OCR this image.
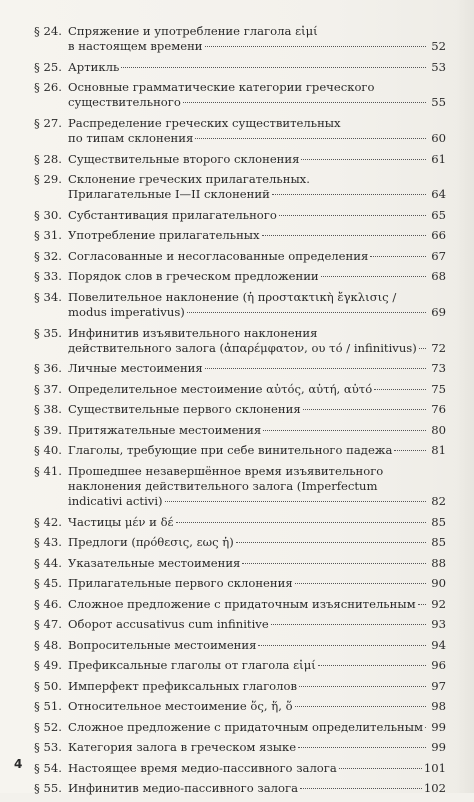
§ 24. Спряжение и употребление глагола εἰμί
в настоящем времени	52
§ 25. Артикль	53
§ 26. Основные грамматические категории греческого
существительного	55
§ 27. Распределение греческих существительных
по типам склонения	60
§ 28. Существительные второго склонения	61
§ 29. Склонение греческих прилагательных.
Прилагательные I—II склонений	64
§ 30. Субстантивация прилагательного	65
§ 31. Употребление прилагательных	66
§ 32. Согласованные и несогласованные определения	67
§ 33. Порядок слов в греческом предложении	68
§ 34. Повелительное наклонение (ἡ προστακτικὴ ἔγκλισις /
modus imperativus)	69
§ 35. Инфинитив изъявительного наклонения
действительного залога (ἀπαρέμφατον, ου τό / infinitivus) 72
§ 36. Личные местоимения	73
§ 37. Определительное местоимение αὐτός, αὐτή, αὐτό	75
§ 38. Существительные первого склонения	76
§ 39. Притяжательные местоимения	80
§ 40. Глаголы, требующие при себе винительного падежа	81
§ 41. Прошедшее незавершённое время изъявительного
наклонения действительного залога (Imperfectum
indicativi activi)	82
§ 42. Частицы μέν и δέ	85
§ 43. Предлоги (πρόθεσις, εως ἡ)	85
§ 44. Указательные местоимения	88
§ 45. Прилагательные первого склонения	90
§ 46. Сложное предложение с придаточным изъяснительным 92
§ 47. Оборот accusativus cum infinitive	93
§ 48. Вопросительные местоимения	94
§ 49. Префиксальные глаголы от глагола εἰμί	96
§ 50. Имперфект префиксальных глаголов	97
§ 51. Относительное местоимение ὅς, ἥ, ὅ	98
§ 52. Сложное предложение с придаточным определительным 99
§ 53. Категория залога в греческом языке	99
§ 54. Настоящее время медио-пассивного залога	101
§ 55. Инфинитив медио-пассивного залога	102
4
